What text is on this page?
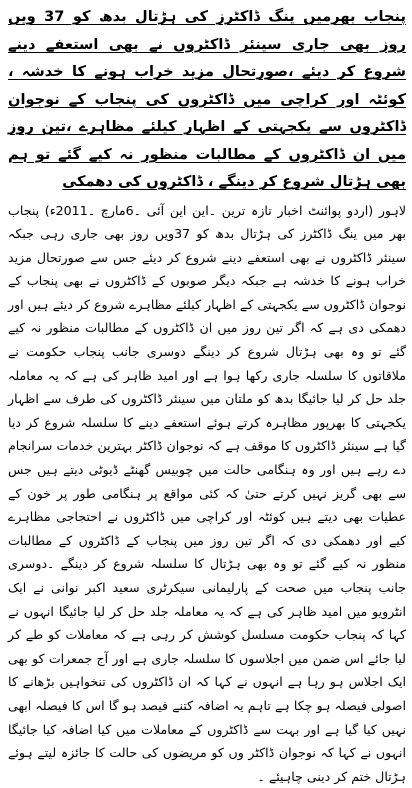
پنجاب بھرمیں ینگ ڈاکٹرز کی ہڑتال بدھ کو 37 ویں روز بھی جاری سینئر ڈاکٹروں نے بھی استعفے دینے شروع کر دیئے ،صورتحال مزید خراب ہونے کا خدشہ ، کوئٹہ اور کراچی میں ڈاکٹروں کی پنجاب کے نوجوان ڈاکٹروں سے یکجہتی کے اظہار کیلئے مظاہرے ،تین روز میں ان ڈاکٹروں کے مطالبات منظور نہ کیے گئے تو ہم بھی ہڑتال شروع کر دینگے ، ڈاکٹروں کی دھمکی

لاہور (اردو پوائنٹ اخبار تازہ ترین ۔این این آئی ۔6مارچ ۔2011ء) پنجاب بھر میں ینگ ڈاکٹرز کی ہڑتال بدھ کو 37ویں روز بھی جاری رہی جبکہ سینئر ڈاکٹروں نے بھی استعفے دینے شروع کر دیئے جس سے صورتحال مزید خراب ہونے کا خدشہ ہے جبکہ دیگر صوبوں کے ڈاکٹروں نے بھی پنجاب کے نوجوان ڈاکٹروں سے یکجہتی کے اظہار کیلئے مظاہرے شروع کر دیئے ہیں اور دھمکی دی ہے کہ اگر تین روز میں ان ڈاکٹروں کے مطالبات منظور نہ کیے گئے تو وہ بھی ہڑتال شروع کر دینگے دوسری جانب پنجاب حکومت نے ملاقاتوں کا سلسلہ جاری رکھا ہوا ہے اور امید ظاہر کی ہے کہ یہ معاملہ جلد حل کر لیا جائیگا بدھ کو ملتان میں سینئر ڈاکٹروں کی طرف سے اظہار یکجہتی کا بھرپور مظاہرہ کرتے ہوئے استعفے دینے کا سلسلہ شروع کر دیا گیا ہے سینئر ڈاکٹروں کا موقف ہے کہ نوجوان ڈاکٹر بہترین خدمات سرانجام دے رہے ہیں اور وہ ہنگامی حالت میں چوبیس گھنٹے ڈیوٹی دیتے ہیں جس سے بھی گریز نہیں کرتے حتیٰ کہ کئی مواقع پر ہنگامی طور پر خون کے عطیات بھی دیتے ہیں کوئٹہ اور کراچی میں ڈاکٹروں نے احتجاجی مظاہرے کیے اور دھمکی دی کہ اگر تین روز میں پنجاب کے ڈاکٹروں کے مطالبات منظور نہ کیے گئے تو وہ بھی ہڑتال کا سلسلہ شروع کر دینگے ۔دوسری جانب پنجاب میں صحت کے پارلیمانی سیکرٹری سعید اکبر نوانی نے ایک انٹرویو میں امید ظاہر کی ہے کہ یہ معاملہ جلد حل کر لیا جائیگا انہوں نے کہا کہ پنجاب حکومت مسلسل کوشش کر رہی ہے کہ معاملات کو طے کر لیا جائے اس ضمن میں اجلاسوں کا سلسلہ جاری ہے اور آج جمعرات کو بھی ایک اجلاس ہو رہا ہے انہوں نے کہا کہ ان ڈاکٹروں کی تنخواہیں بڑھانے کا اصولی فیصلہ ہو چکا ہے تاہم یہ اضافہ کتنے فیصد ہو گا اس کا فیصلہ ابھی نہیں کیا گیا ہے اور بہت سے ڈاکٹروں کے معاملات میں کیا اضافہ کیا جائیگا انہوں نے کہا کہ نوجوان ڈاکٹر وں کو مریضوں کی حالت کا جائزہ لیتے ہوئے ہڑتال ختم کر دینی چاہیئے ۔
